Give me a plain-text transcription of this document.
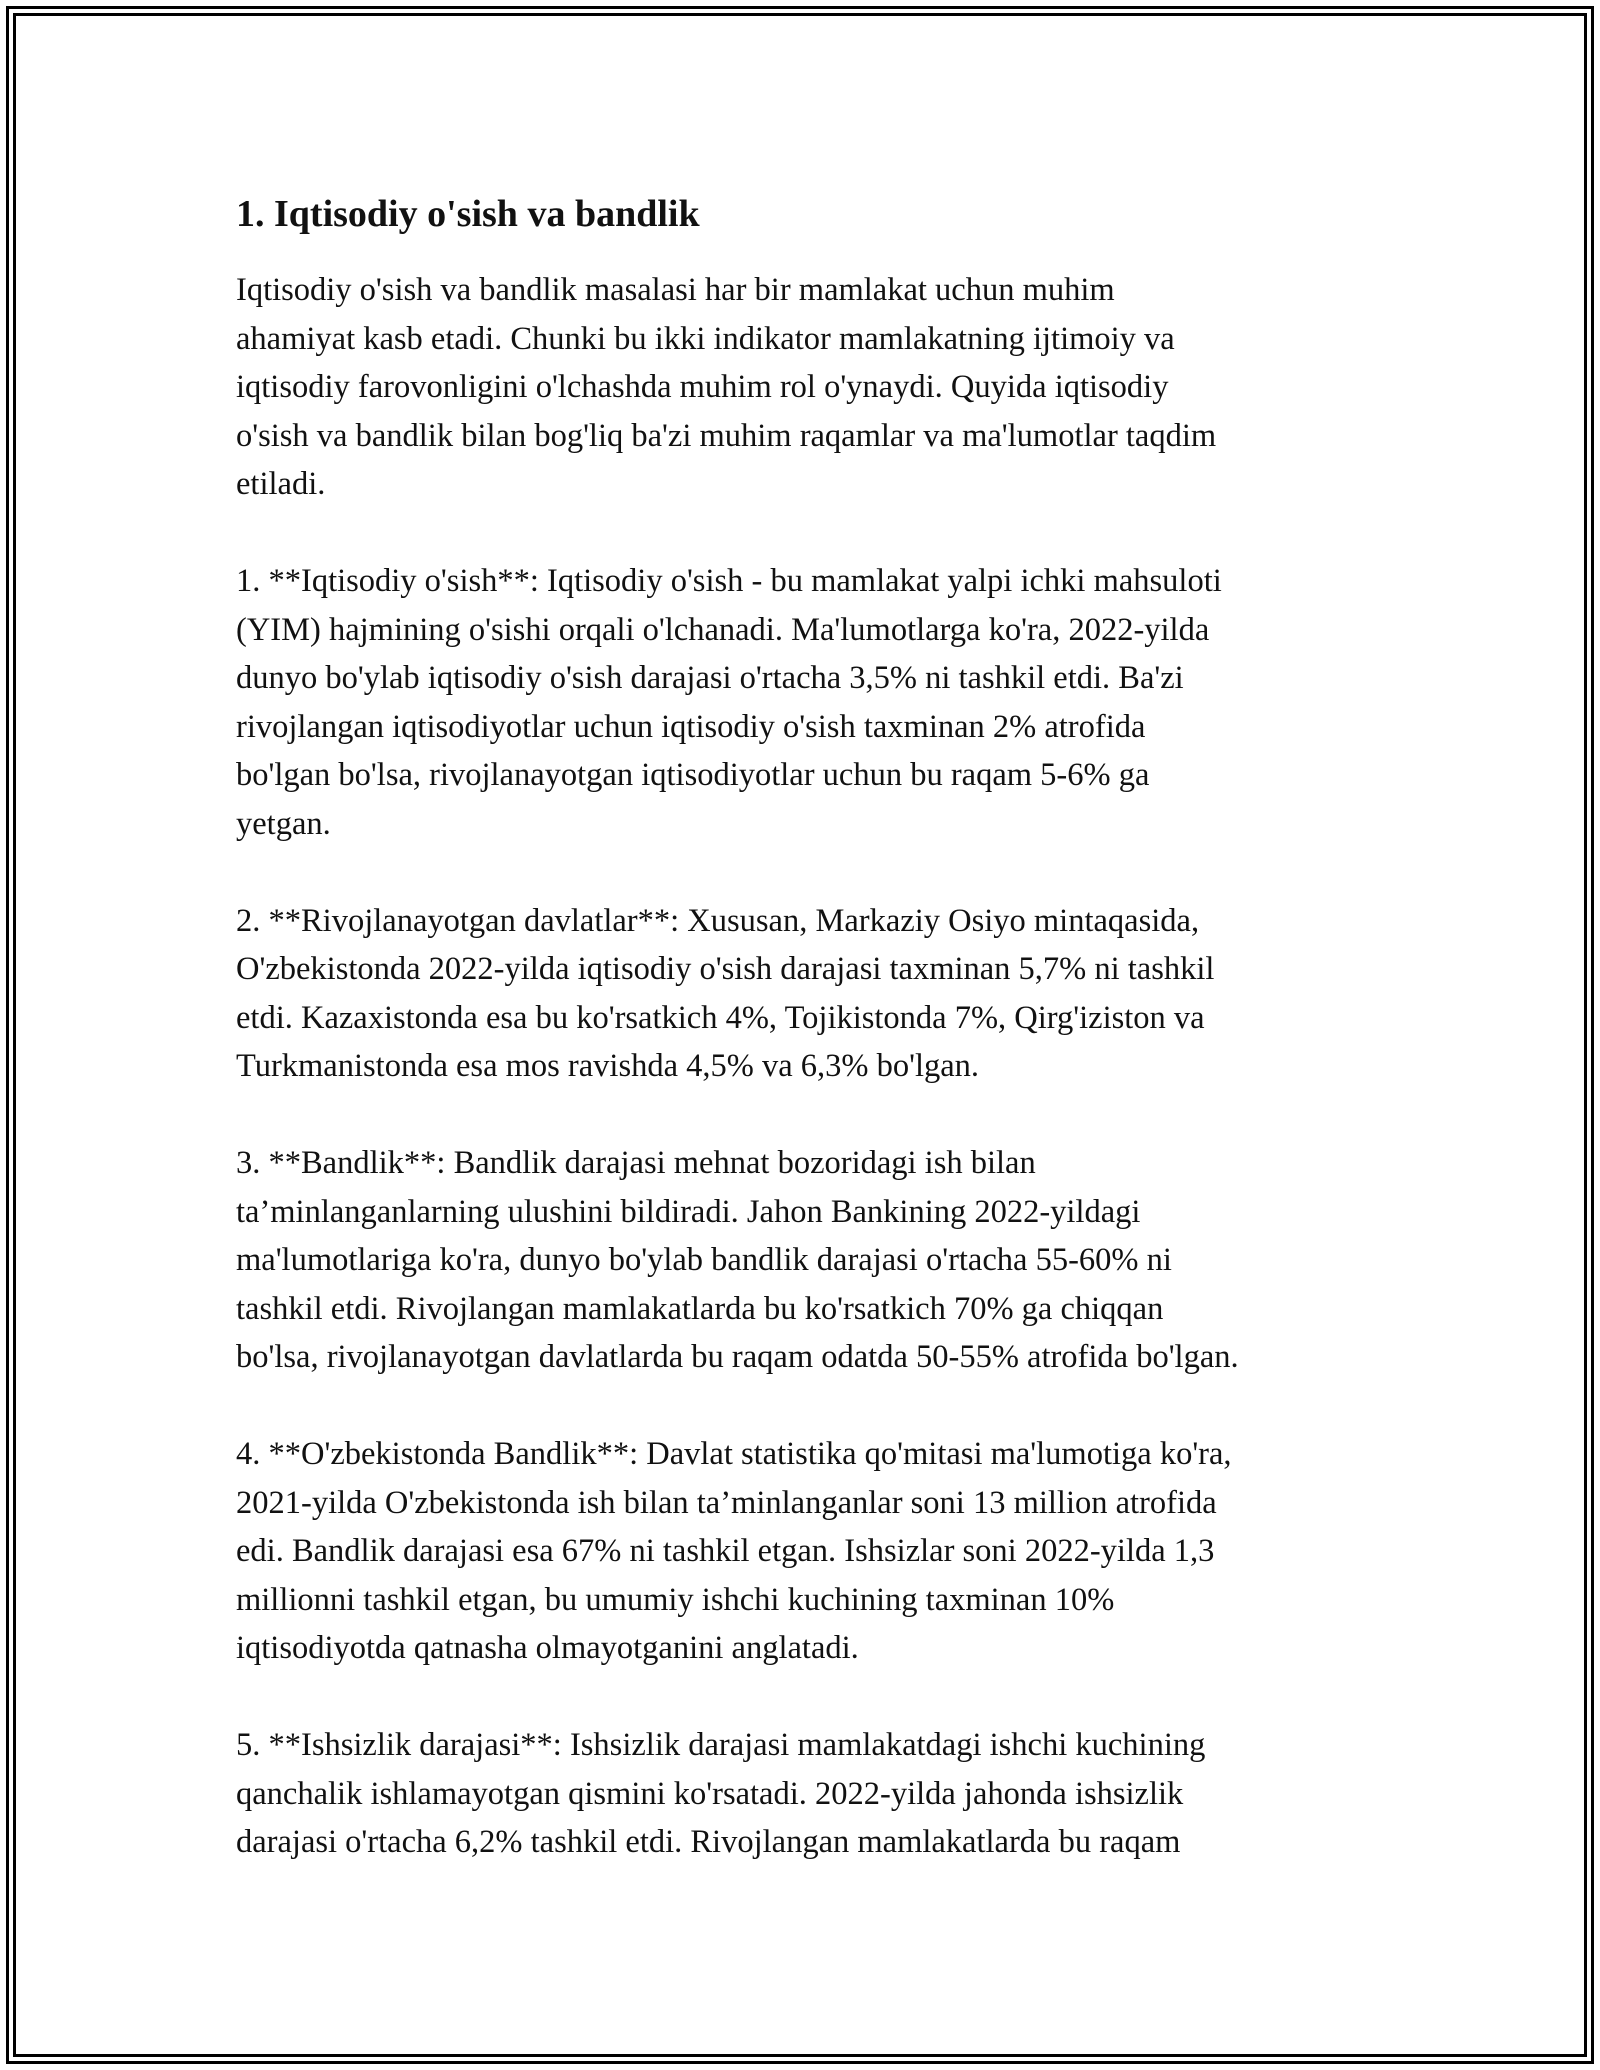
1. Iqtisodiy o'sish va bandlik

Iqtisodiy o'sish va bandlik masalasi har bir mamlakat uchun muhim
ahamiyat kasb etadi. Chunki bu ikki indikator mamlakatning ijtimoiy va
iqtisodiy farovonligini o'lchashda muhim rol o'ynaydi. Quyida iqtisodiy
o'sish va bandlik bilan bog'liq ba'zi muhim raqamlar va ma'lumotlar taqdim
etiladi.

1. **Iqtisodiy o'sish**: Iqtisodiy o'sish - bu mamlakat yalpi ichki mahsuloti
(YIM) hajmining o'sishi orqali o'lchanadi. Ma'lumotlarga ko'ra, 2022-yilda
dunyo bo'ylab iqtisodiy o'sish darajasi o'rtacha 3,5% ni tashkil etdi. Ba'zi
rivojlangan iqtisodiyotlar uchun iqtisodiy o'sish taxminan 2% atrofida
bo'lgan bo'lsa, rivojlanayotgan iqtisodiyotlar uchun bu raqam 5-6% ga
yetgan.

2. **Rivojlanayotgan davlatlar**: Xususan, Markaziy Osiyo mintaqasida,
O'zbekistonda 2022-yilda iqtisodiy o'sish darajasi taxminan 5,7% ni tashkil
etdi. Kazaxistonda esa bu ko'rsatkich 4%, Tojikistonda 7%, Qirg'iziston va
Turkmanistonda esa mos ravishda 4,5% va 6,3% bo'lgan.

3. **Bandlik**: Bandlik darajasi mehnat bozoridagi ish bilan
ta’minlanganlarning ulushini bildiradi. Jahon Bankining 2022-yildagi
ma'lumotlariga ko'ra, dunyo bo'ylab bandlik darajasi o'rtacha 55-60% ni
tashkil etdi. Rivojlangan mamlakatlarda bu ko'rsatkich 70% ga chiqqan
bo'lsa, rivojlanayotgan davlatlarda bu raqam odatda 50-55% atrofida bo'lgan.

4. **O'zbekistonda Bandlik**: Davlat statistika qo'mitasi ma'lumotiga ko'ra,
2021-yilda O'zbekistonda ish bilan ta’minlanganlar soni 13 million atrofida
edi. Bandlik darajasi esa 67% ni tashkil etgan. Ishsizlar soni 2022-yilda 1,3
millionni tashkil etgan, bu umumiy ishchi kuchining taxminan 10%
iqtisodiyotda qatnasha olmayotganini anglatadi.

5. **Ishsizlik darajasi**: Ishsizlik darajasi mamlakatdagi ishchi kuchining
qanchalik ishlamayotgan qismini ko'rsatadi. 2022-yilda jahonda ishsizlik
darajasi o'rtacha 6,2% tashkil etdi. Rivojlangan mamlakatlarda bu raqam
